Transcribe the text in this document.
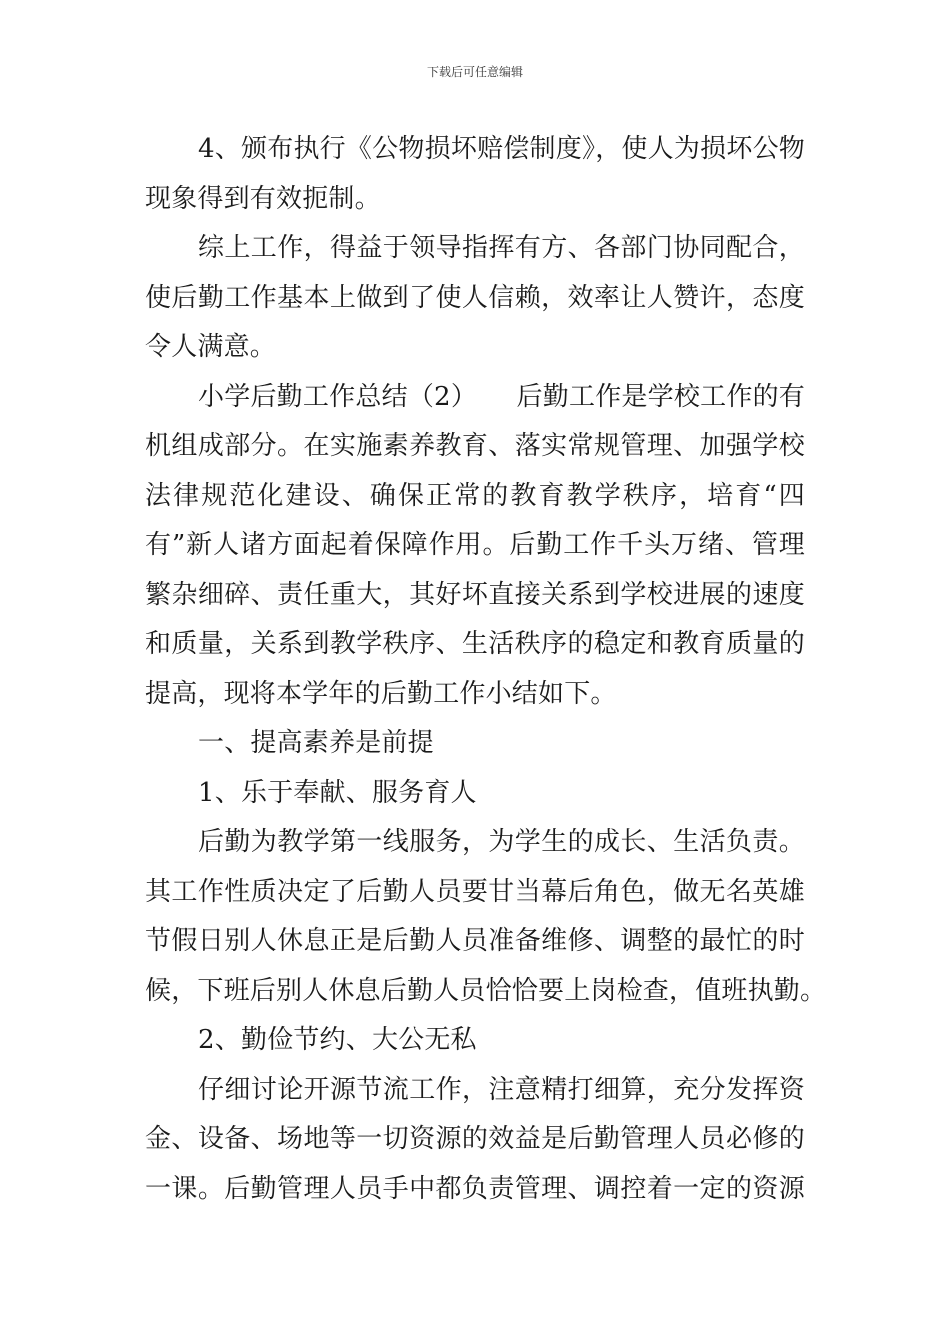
下载后可任意编辑
4、颁布执行《公物损坏赔偿制度》，使人为损坏公物
现象得到有效扼制。
综上工作，得益于领导指挥有方、各部门协同配合，
使后勤工作基本上做到了使人信赖，效率让人赞许，态度
令人满意。
小学后勤工作总结（2）　　后勤工作是学校工作的有
机组成部分。在实施素养教育、落实常规管理、加强学校
法律规范化建设、确保正常的教育教学秩序，培育“四
有”新人诸方面起着保障作用。后勤工作千头万绪、管理
繁杂细碎、责任重大，其好坏直接关系到学校进展的速度
和质量，关系到教学秩序、生活秩序的稳定和教育质量的
提高，现将本学年的后勤工作小结如下。
一、提高素养是前提
1、乐于奉献、服务育人
后勤为教学第一线服务，为学生的成长、生活负责。
其工作性质决定了后勤人员要甘当幕后角色，做无名英雄
节假日别人休息正是后勤人员准备维修、调整的最忙的时
候，下班后别人休息后勤人员恰恰要上岗检查，值班执勤。
2、勤俭节约、大公无私
仔细讨论开源节流工作，注意精打细算，充分发挥资
金、设备、场地等一切资源的效益是后勤管理人员必修的
一课。后勤管理人员手中都负责管理、调控着一定的资源
